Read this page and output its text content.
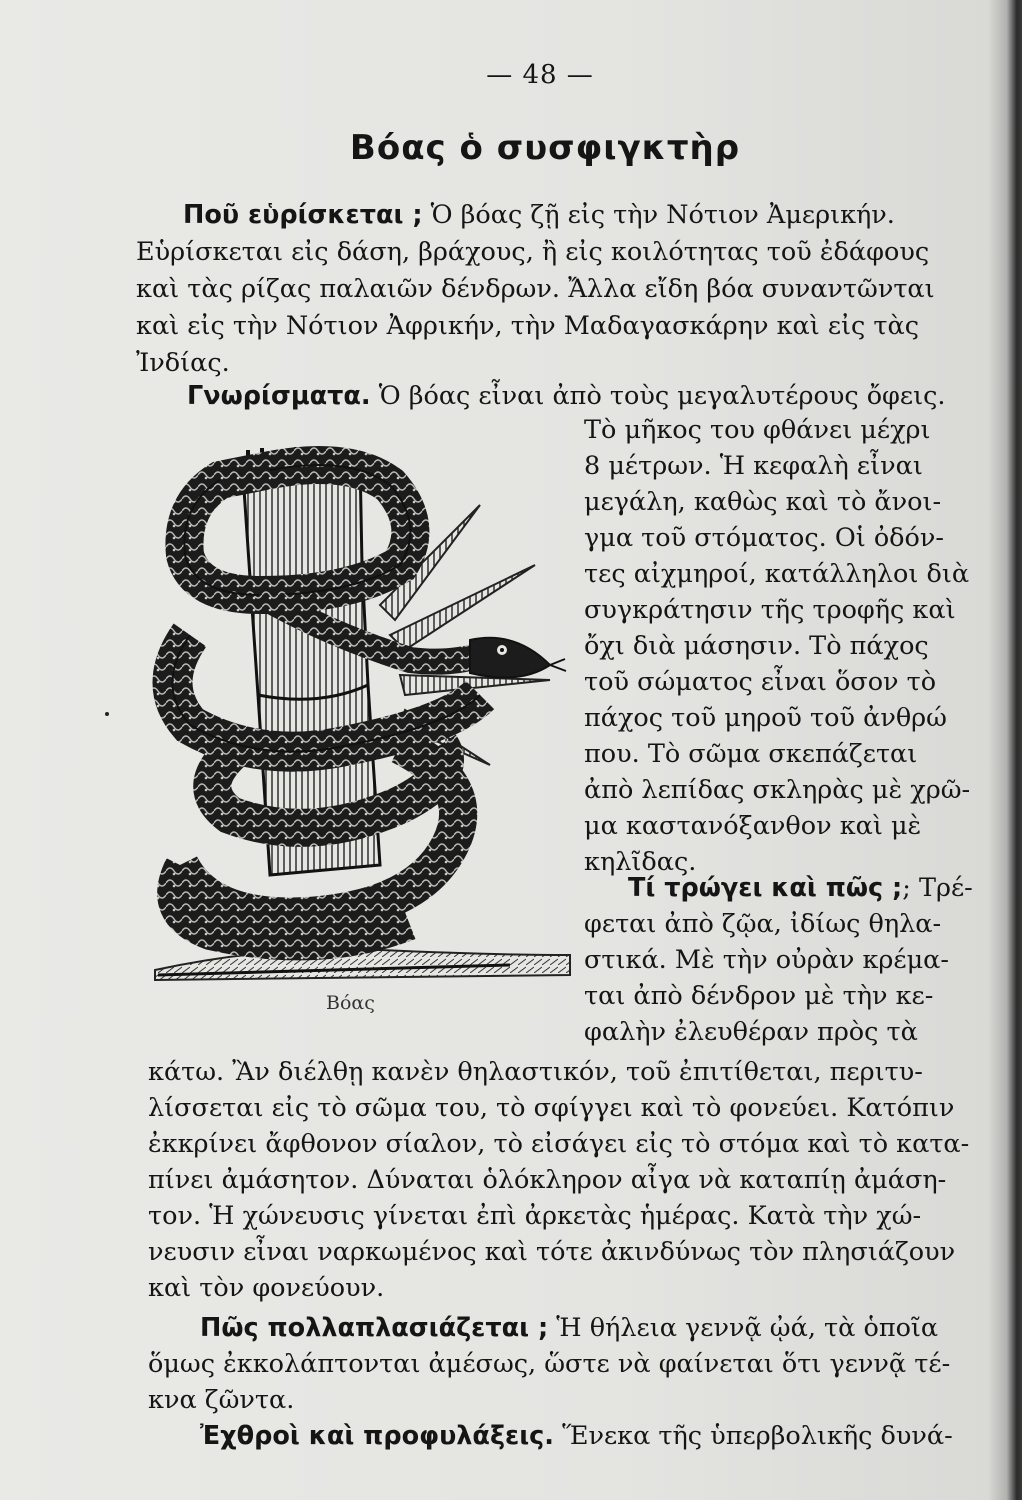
— 48 —
Βόας ὁ συσφιγκτὴρ
Ποῦ εὑρίσκεται ; Ὁ βόας ζῇ εἰς τὴν Νότιον Ἀμερικήν.
Εὑρίσκεται εἰς δάση, βράχους, ἢ εἰς κοιλότητας τοῦ ἐδάφους
καὶ τὰς ρίζας παλαιῶν δένδρων. Ἄλλα εἴδη βόα συναντῶνται
καὶ εἰς τὴν Νότιον Ἀφρικήν, τὴν Μαδαγασκάρην καὶ εἰς τὰς
Ἰνδίας.
Γνωρίσματα. Ὁ βόας εἶναι ἀπὸ τοὺς μεγαλυτέρους ὄφεις.
Τὸ μῆκος του φθάνει μέχρι
8 μέτρων. Ἡ κεφαλὴ εἶναι
μεγάλη, καθὼς καὶ τὸ ἄνοι-
γμα τοῦ στόματος. Οἱ ὀδόν-
τες αἰχμηροί, κατάλληλοι διὰ
συγκράτησιν τῆς τροφῆς καὶ
ὄχι διὰ μάσησιν. Τὸ πάχος
τοῦ σώματος εἶναι ὅσον τὸ
πάχος τοῦ μηροῦ τοῦ ἀνθρώ
που. Τὸ σῶμα σκεπάζεται
ἀπὸ λεπίδας σκληρὰς μὲ χρῶ-
μα καστανόξανθον καὶ μὲ
κηλῖδας.
Τί τρώγει καὶ πῶς ;; Τρέ-
φεται ἀπὸ ζῷα, ἰδίως θηλα-
στικά. Μὲ τὴν οὐρὰν κρέμα-
ται ἀπὸ δένδρον μὲ τὴν κε-
φαλὴν ἐλευθέραν πρὸς τὰ
κάτω. Ἂν διέλθῃ κανὲν θηλαστικόν, τοῦ ἐπιτίθεται, περιτυ-
λίσσεται εἰς τὸ σῶμα του, τὸ σφίγγει καὶ τὸ φονεύει. Κατόπιν
ἐκκρίνει ἄφθονον σίαλον, τὸ εἰσάγει εἰς τὸ στόμα καὶ τὸ κατα-
πίνει ἀμάσητον. Δύναται ὁλόκληρον αἶγα νὰ καταπίῃ ἀμάση-
τον. Ἡ χώνευσις γίνεται ἐπὶ ἀρκετὰς ἡμέρας. Κατὰ τὴν χώ-
νευσιν εἶναι ναρκωμένος καὶ τότε ἀκινδύνως τὸν πλησιάζουν
καὶ τὸν φονεύουν.
Πῶς πολλαπλασιάζεται ; Ἡ θήλεια γεννᾷ ᾠά, τὰ ὁποῖα
ὅμως ἐκκολάπτονται ἀμέσως, ὥστε νὰ φαίνεται ὅτι γεννᾷ τέ-
κνα ζῶντα.
Ἐχθροὶ καὶ προφυλάξεις. Ἕνεκα τῆς ὑπερβολικῆς δυνά-
Βόας
